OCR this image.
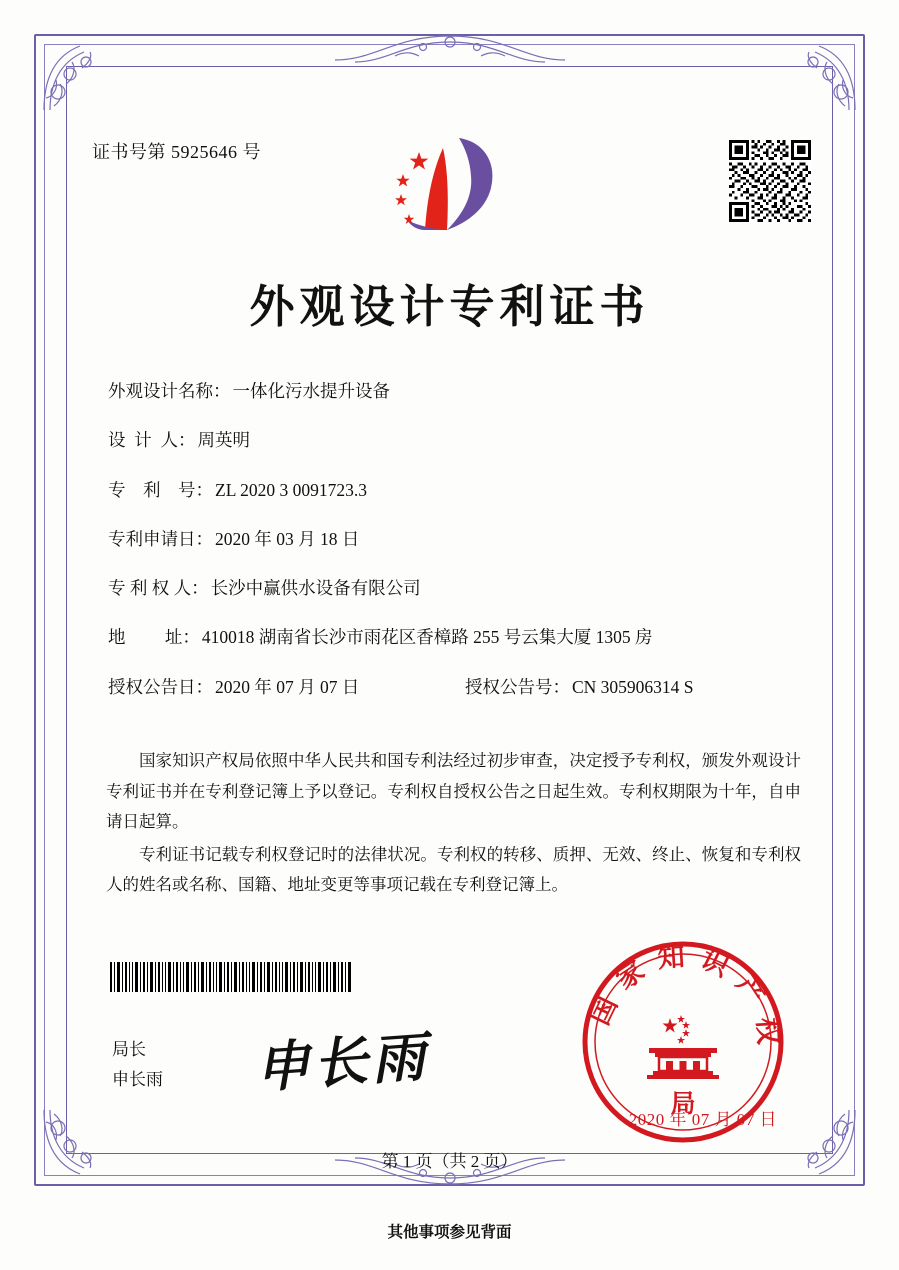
证书号第 5925646 号
外观设计专利证书
外观设计名称： 一体化污水提升设备
设  计  人： 周英明
专    利    号： ZL 2020 3 0091723.3
专利申请日： 2020 年 03 月 18 日
专 利 权 人： 长沙中赢供水设备有限公司
地         址： 410018 湖南省长沙市雨花区香樟路 255 号云集大厦 1305 房
授权公告日： 2020 年 07 月 07 日	授权公告号： CN 305906314 S

国家知识产权局依照中华人民共和国专利法经过初步审查，决定授予专利权，颁发外观设计专利证书并在专利登记簿上予以登记。专利权自授权公告之日起生效。专利权期限为十年，自申请日起算。

专利证书记载专利权登记时的法律状况。专利权的转移、质押、无效、终止、恢复和专利权人的姓名或名称、国籍、地址变更等事项记载在专利登记簿上。

局长
申长雨 申长雨
国家知识产权
局
2020 年 07 月 07 日
第 1 页（共 2 页）
其他事项参见背面
